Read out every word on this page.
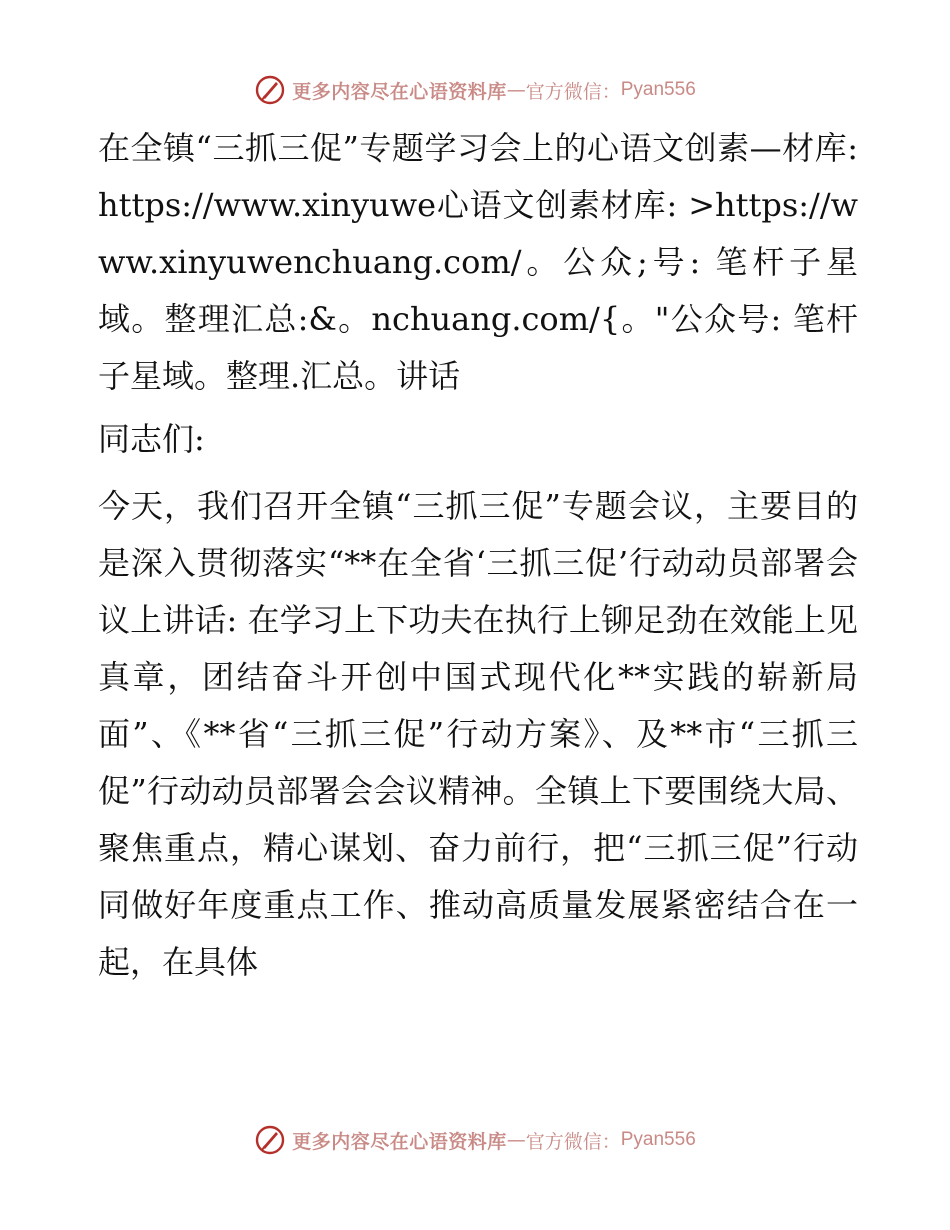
更多内容尽在心语资料库 — 官方微信： Pyan556

在全镇“三抓三促”专题学习会上的心语文创素—材库: https://www.xinyuwe心语文创素材库: >https://www.xinyuwenchuang.com/。公众;号: 笔杆子星域。整理汇总:&。nchuang.com/{。"公众号: 笔杆子星域。整理.汇总。讲话

同志们:

今天，我们召开全镇“三抓三促”专题会议，主要目的是深入贯彻落实“**在全省‘三抓三促’行动动员部署会议上讲话: 在学习上下功夫在执行上铆足劲在效能上见真章，团结奋斗开创中国式现代化**实践的崭新局面”、《**省“三抓三促”行动方案》、及**市“三抓三促”行动动员部署会会议精神。全镇上下要围绕大局、聚焦重点，精心谋划、奋力前行，把“三抓三促”行动同做好年度重点工作、推动高质量发展紧密结合在一起，在具体

更多内容尽在心语资料库 — 官方微信： Pyan556
